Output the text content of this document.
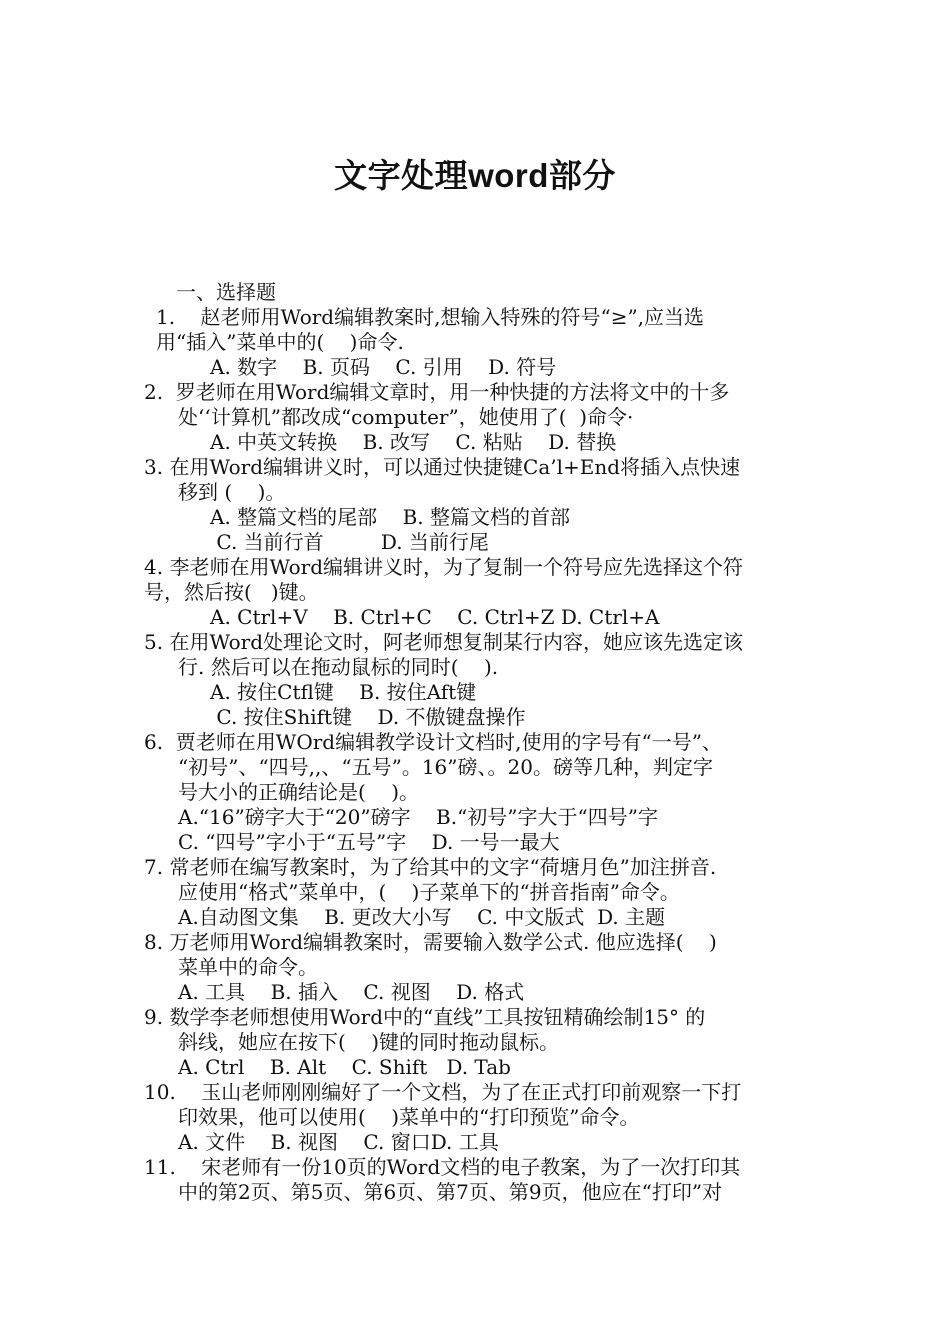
文字处理word部分
一、选择题
1.    赵老师用Word编辑教案时,想输入特殊的符号“≥”,应当选
用“插入”菜单中的(    )命令.
A. 数字    B. 页码    C. 引用    D. 符号
2.  罗老师在用Word编辑文章时，用一种快捷的方法将文中的十多
处‘‘计算机”都改成“computer”，她使用了(  )命令·
A. 中英文转换    B. 改写    C. 粘贴    D. 替换
3. 在用Word编辑讲义时，可以通过快捷键Ca’l+End将插入点快速
移到 (    )。
A. 整篇文档的尾部    B. 整篇文档的首部
C. 当前行首         D. 当前行尾
4. 李老师在用Word编辑讲义时，为了复制一个符号应先选择这个符
号，然后按(   )键。
A. Ctrl+V    B. Ctrl+C    C. Ctrl+Z D. Ctrl+A
5. 在用Word处理论文时，阿老师想复制某行内容，她应该先选定该
行. 然后可以在拖动鼠标的同时(    ).
A. 按住Ctfl键    B. 按住Aft键
C. 按住Shift键    D. 不傲键盘操作
6.  贾老师在用WOrd编辑教学设计文档时,使用的字号有“一号”、
“初号”、“四号,,、“五号”。16”磅、。20。磅等几种，判定字
号大小的正确结论是(    )。
A.“16”磅字大于“20”磅字    B.“初号”字大于“四号”字
C. “四号”字小于“五号”字    D. 一号一最大
7. 常老师在编写教案时，为了给其中的文字“荷塘月色”加注拼音.
应使用“格式”菜单中，(    )子菜单下的“拼音指南”命令。
A.自动图文集    B. 更改大小写    C. 中文版式  D. 主题
8. 万老师用Word编辑教案时，需要输入数学公式. 他应选择(    )
菜单中的命令。
A. 工具    B. 插入    C. 视图    D. 格式
9. 数学李老师想使用Word中的“直线”工具按钮精确绘制15° 的
斜线，她应在按下(    )键的同时拖动鼠标。
A. Ctrl    B. Alt    C. Shift   D. Tab
10.    玉山老师刚刚编好了一个文档，为了在正式打印前观察一下打
印效果，他可以使用(    )菜单中的“打印预览”命令。
A. 文件    B. 视图    C. 窗口D. 工具
11.    宋老师有一份10页的Word文档的电子教案，为了一次打印其
中的第2页、第5页、第6页、第7页、第9页，他应在“打印”对
